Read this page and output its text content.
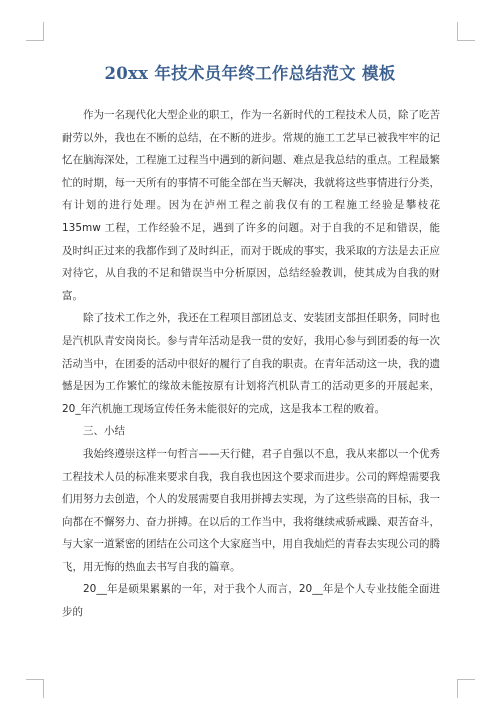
20xx 年技术员年终工作总结范文 模板

作为一名现代化大型企业的职工，作为一名新时代的工程技术人员，除了吃苦耐劳以外，我也在不断的总结，在不断的进步。常规的施工工艺早已被我牢牢的记忆在脑海深处，工程施工过程当中遇到的新问题、难点是我总结的重点。工程最繁忙的时期，每一天所有的事情不可能全部在当天解决，我就将这些事情进行分类，有计划的进行处理。因为在泸州工程之前我仅有的工程施工经验是攀枝花 135mw 工程，工作经验不足，遇到了许多的问题。对于自我的不足和错误，能及时纠正过来的我都作到了及时纠正，而对于既成的事实，我采取的方法是去正应对待它，从自我的不足和错误当中分析原因，总结经验教训，使其成为自我的财富。

除了技术工作之外，我还在工程项目部团总支、安装团支部担任职务，同时也是汽机队青安岗岗长。参与青年活动是我一贯的安好，我用心参与到团委的每一次活动当中，在团委的活动中很好的履行了自我的职责。在青年活动这一块，我的遗憾是因为工作繁忙的缘故未能按原有计划将汽机队青工的活动更多的开展起来，20_年汽机施工现场宣传任务未能很好的完成，这是我本工程的败着。

三、小结

我始终遵崇这样一句哲言——天行健，君子自强以不息，我从来都以一个优秀工程技术人员的标准来要求自我，我自我也因这个要求而进步。公司的辉煌需要我们用努力去创造，个人的发展需要自我用拼搏去实现，为了这些崇高的目标，我一向都在不懈努力、奋力拼搏。在以后的工作当中，我将继续戒骄戒躁、艰苦奋斗，与大家一道紧密的团结在公司这个大家庭当中，用自我灿烂的青春去实现公司的腾飞，用无悔的热血去书写自我的篇章。

20__年是硕果累累的一年，对于我个人而言，20__年是个人专业技能全面进步的
